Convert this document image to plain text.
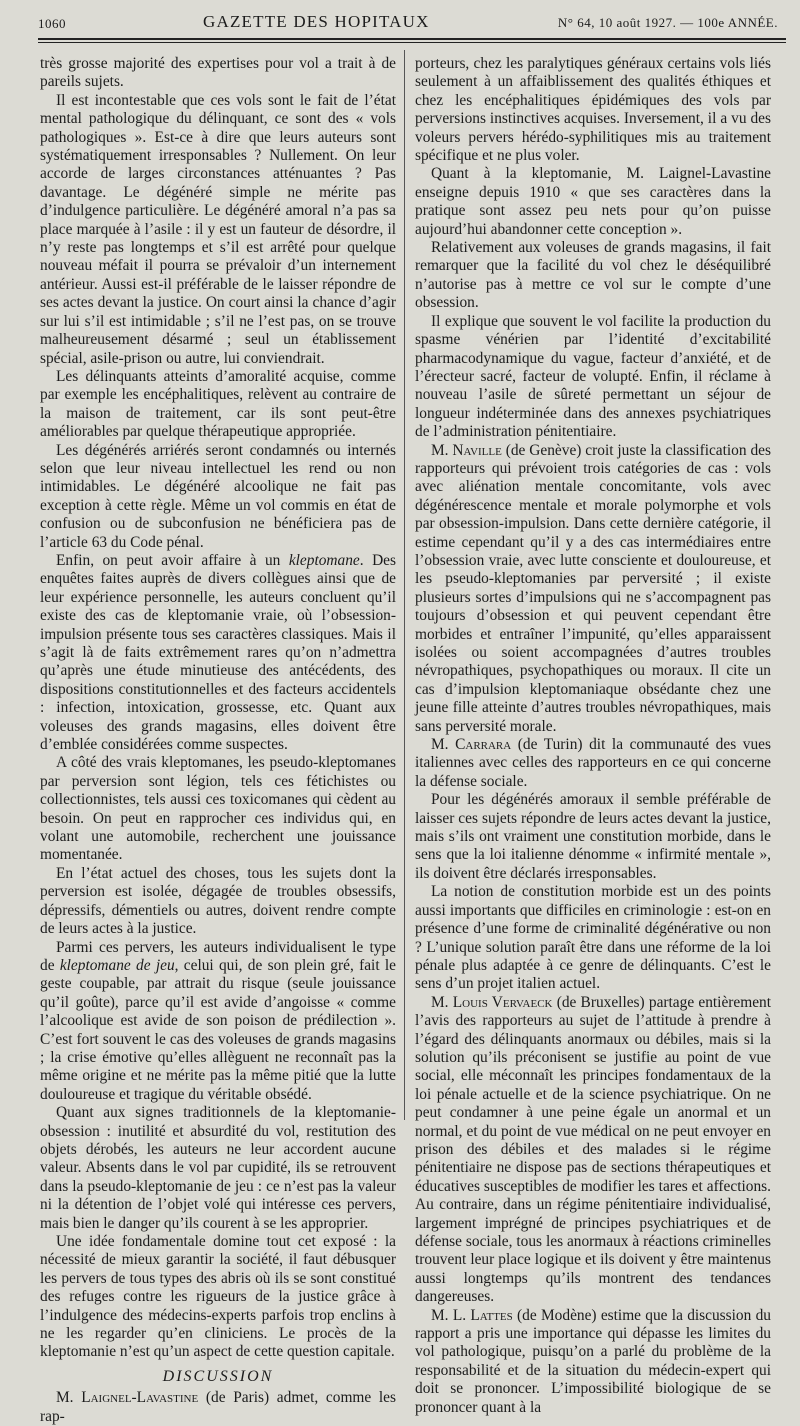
1060	GAZETTE DES HOPITAUX	N° 64, 10 août 1927. — 100e ANNÉE.

très grosse majorité des expertises pour vol a trait à de pareils sujets.

Il est incontestable que ces vols sont le fait de l’état mental pathologique du délinquant, ce sont des « vols pathologiques ». Est-ce à dire que leurs auteurs sont systématiquement irresponsables ? Nullement. On leur accorde de larges circonstances atténuantes ? Pas davantage. Le dégénéré simple ne mérite pas d’indulgence particulière. Le dégénéré amoral n’a pas sa place marquée à l’asile : il y est un fauteur de désordre, il n’y reste pas longtemps et s’il est arrêté pour quelque nouveau méfait il pourra se prévaloir d’un internement antérieur. Aussi est-il préférable de le laisser répondre de ses actes devant la justice. On court ainsi la chance d’agir sur lui s’il est intimidable ; s’il ne l’est pas, on se trouve malheureusement désarmé ; seul un établissement spécial, asile-prison ou autre, lui conviendrait.

Les délinquants atteints d’amoralité acquise, comme par exemple les encéphalitiques, relèvent au contraire de la maison de traitement, car ils sont peut-être améliorables par quelque thérapeutique appropriée.

Les dégénérés arriérés seront condamnés ou internés selon que leur niveau intellectuel les rend ou non intimidables. Le dégénéré alcoolique ne fait pas exception à cette règle. Même un vol commis en état de confusion ou de subconfusion ne bénéficiera pas de l’article 63 du Code pénal.

Enfin, on peut avoir affaire à un kleptomane. Des enquêtes faites auprès de divers collègues ainsi que de leur expérience personnelle, les auteurs concluent qu’il existe des cas de kleptomanie vraie, où l’obsession-impulsion présente tous ses caractères classiques. Mais il s’agit là de faits extrêmement rares qu’on n’admettra qu’après une étude minutieuse des antécédents, des dispositions constitutionnelles et des facteurs accidentels : infection, intoxication, grossesse, etc. Quant aux voleuses des grands magasins, elles doivent être d’emblée considérées comme suspectes.

A côté des vrais kleptomanes, les pseudo-kleptomanes par perversion sont légion, tels ces fétichistes ou collectionnistes, tels aussi ces toxicomanes qui cèdent au besoin. On peut en rapprocher ces individus qui, en volant une automobile, recherchent une jouissance momentanée.

En l’état actuel des choses, tous les sujets dont la perversion est isolée, dégagée de troubles obsessifs, dépressifs, démentiels ou autres, doivent rendre compte de leurs actes à la justice.

Parmi ces pervers, les auteurs individualisent le type de kleptomane de jeu, celui qui, de son plein gré, fait le geste coupable, par attrait du risque (seule jouissance qu’il goûte), parce qu’il est avide d’angoisse « comme l’alcoolique est avide de son poison de prédilection ». C’est fort souvent le cas des voleuses de grands magasins ; la crise émotive qu’elles allèguent ne reconnaît pas la même origine et ne mérite pas la même pitié que la lutte douloureuse et tragique du véritable obsédé.

Quant aux signes traditionnels de la kleptomanie-obsession : inutilité et absurdité du vol, restitution des objets dérobés, les auteurs ne leur accordent aucune valeur. Absents dans le vol par cupidité, ils se retrouvent dans la pseudo-kleptomanie de jeu : ce n’est pas la valeur ni la détention de l’objet volé qui intéresse ces pervers, mais bien le danger qu’ils courent à se les approprier.

Une idée fondamentale domine tout cet exposé : la nécessité de mieux garantir la société, il faut débusquer les pervers de tous types des abris où ils se sont constitué des refuges contre les rigueurs de la justice grâce à l’indulgence des médecins-experts parfois trop enclins à ne les regarder qu’en cliniciens. Le procès de la kleptomanie n’est qu’un aspect de cette question capitale.

DISCUSSION

M. Laignel-Lavastine (de Paris) admet, comme les rap-

porteurs, chez les paralytiques généraux certains vols liés seulement à un affaiblissement des qualités éthiques et chez les encéphalitiques épidémiques des vols par perversions instinctives acquises. Inversement, il a vu des voleurs pervers hérédo-syphilitiques mis au traitement spécifique et ne plus voler.

Quant à la kleptomanie, M. Laignel-Lavastine enseigne depuis 1910 « que ses caractères dans la pratique sont assez peu nets pour qu’on puisse aujourd’hui abandonner cette conception ».

Relativement aux voleuses de grands magasins, il fait remarquer que la facilité du vol chez le déséquilibré n’autorise pas à mettre ce vol sur le compte d’une obsession.

Il explique que souvent le vol facilite la production du spasme vénérien par l’identité d’excitabilité pharmacodynamique du vague, facteur d’anxiété, et de l’érecteur sacré, facteur de volupté. Enfin, il réclame à nouveau l’asile de sûreté permettant un séjour de longueur indéterminée dans des annexes psychiatriques de l’administration pénitentiaire.

M. Naville (de Genève) croit juste la classification des rapporteurs qui prévoient trois catégories de cas : vols avec aliénation mentale concomitante, vols avec dégénérescence mentale et morale polymorphe et vols par obsession-impulsion. Dans cette dernière catégorie, il estime cependant qu’il y a des cas intermédiaires entre l’obsession vraie, avec lutte consciente et douloureuse, et les pseudo-kleptomanies par perversité ; il existe plusieurs sortes d’impulsions qui ne s’accompagnent pas toujours d’obsession et qui peuvent cependant être morbides et entraîner l’impunité, qu’elles apparaissent isolées ou soient accompagnées d’autres troubles névropathiques, psychopathiques ou moraux. Il cite un cas d’impulsion kleptomaniaque obsédante chez une jeune fille atteinte d’autres troubles névropathiques, mais sans perversité morale.

M. Carrara (de Turin) dit la communauté des vues italiennes avec celles des rapporteurs en ce qui concerne la défense sociale.

Pour les dégénérés amoraux il semble préférable de laisser ces sujets répondre de leurs actes devant la justice, mais s’ils ont vraiment une constitution morbide, dans le sens que la loi italienne dénomme « infirmité mentale », ils doivent être déclarés irresponsables.

La notion de constitution morbide est un des points aussi importants que difficiles en criminologie : est-on en présence d’une forme de criminalité dégénérative ou non ? L’unique solution paraît être dans une réforme de la loi pénale plus adaptée à ce genre de délinquants. C’est le sens d’un projet italien actuel.

M. Louis Vervaeck (de Bruxelles) partage entièrement l’avis des rapporteurs au sujet de l’attitude à prendre à l’égard des délinquants anormaux ou débiles, mais si la solution qu’ils préconisent se justifie au point de vue social, elle méconnaît les principes fondamentaux de la loi pénale actuelle et de la science psychiatrique. On ne peut condamner à une peine égale un anormal et un normal, et du point de vue médical on ne peut envoyer en prison des débiles et des malades si le régime pénitentiaire ne dispose pas de sections thérapeutiques et éducatives susceptibles de modifier les tares et affections. Au contraire, dans un régime pénitentiaire individualisé, largement imprégné de principes psychiatriques et de défense sociale, tous les anormaux à réactions criminelles trouvent leur place logique et ils doivent y être maintenus aussi longtemps qu’ils montrent des tendances dangereuses.

M. L. Lattes (de Modène) estime que la discussion du rapport a pris une importance qui dépasse les limites du vol pathologique, puisqu’on a parlé du problème de la responsabilité et de la situation du médecin-expert qui doit se prononcer. L’impossibilité biologique de se prononcer quant à la
